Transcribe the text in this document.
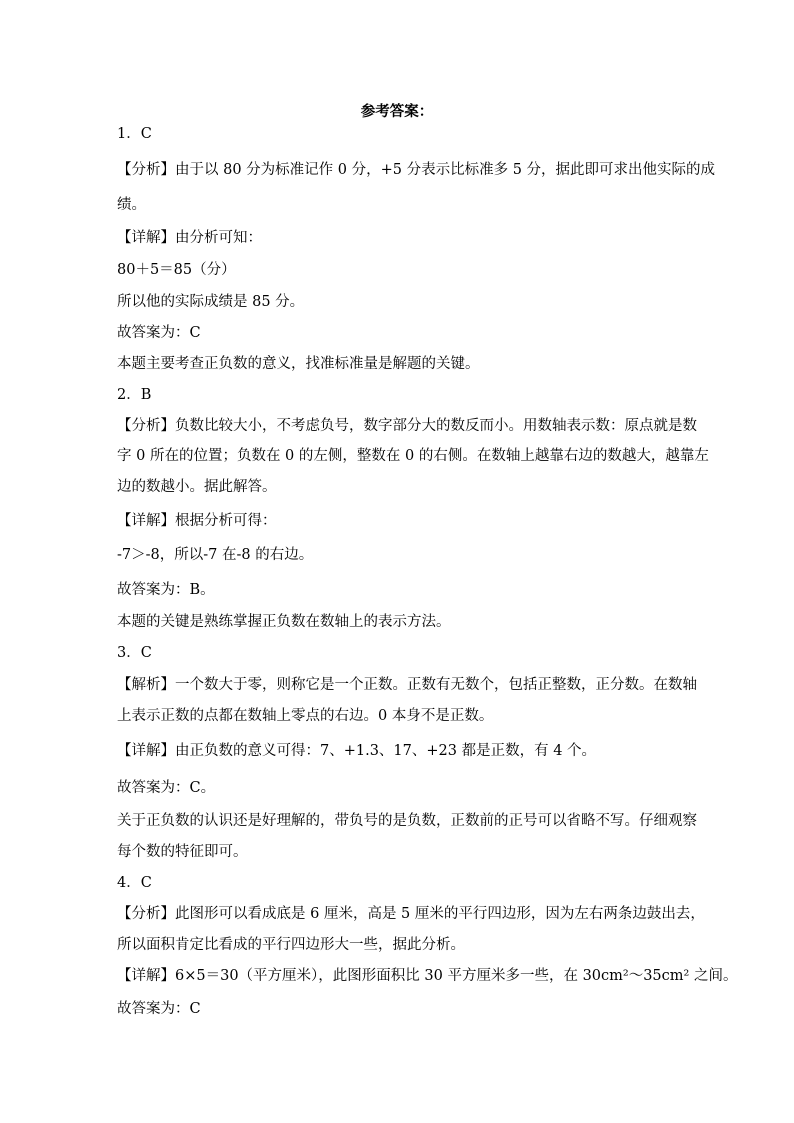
参考答案：
1．C
【分析】由于以 80 分为标准记作 0 分，+5 分表示比标准多 5 分，据此即可求出他实际的成
绩。
【详解】由分析可知：
80＋5＝85（分）
所以他的实际成绩是 85 分。
故答案为：C
本题主要考查正负数的意义，找准标准量是解题的关键。
2．B
【分析】负数比较大小，不考虑负号，数字部分大的数反而小。用数轴表示数：原点就是数
字 0 所在的位置；负数在 0 的左侧，整数在 0 的右侧。在数轴上越靠右边的数越大，越靠左
边的数越小。据此解答。
【详解】根据分析可得：
-7＞-8，所以-7 在-8 的右边。
故答案为：B。
本题的关键是熟练掌握正负数在数轴上的表示方法。
3．C
【解析】一个数大于零，则称它是一个正数。正数有无数个，包括正整数，正分数。在数轴
上表示正数的点都在数轴上零点的右边。0 本身不是正数。
【详解】由正负数的意义可得：7、+1.3、17、+23 都是正数，有 4 个。
故答案为：C。
关于正负数的认识还是好理解的，带负号的是负数，正数前的正号可以省略不写。仔细观察
每个数的特征即可。
4．C
【分析】此图形可以看成底是 6 厘米，高是 5 厘米的平行四边形，因为左右两条边鼓出去，
所以面积肯定比看成的平行四边形大一些，据此分析。
【详解】6×5＝30（平方厘米），此图形面积比 30 平方厘米多一些，在 30cm²～35cm² 之间。
故答案为：C
